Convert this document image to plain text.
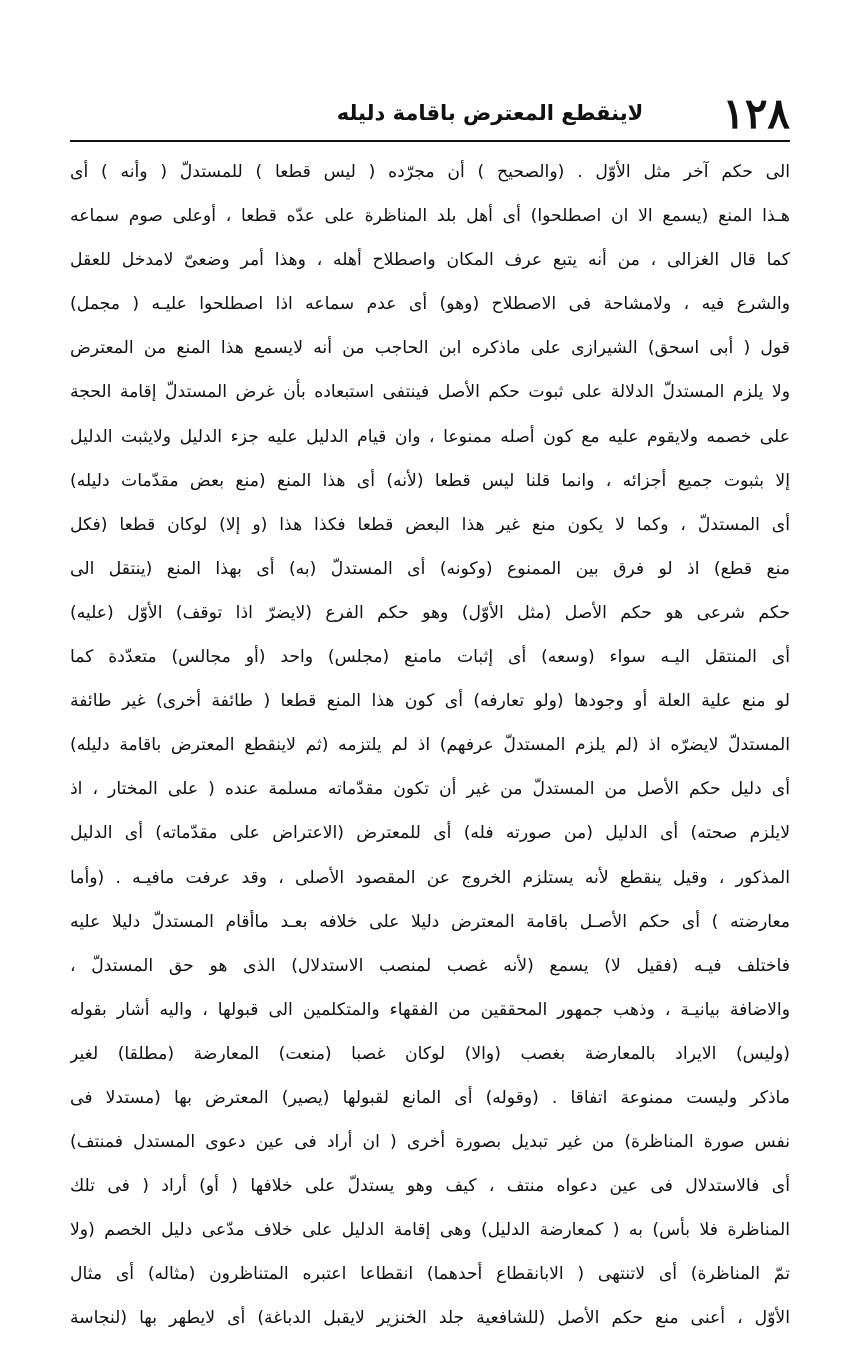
١٢٨
لاينقطع المعترض باقامة دليله
الى حكم آخر مثل الأوّل . (والصحيح ) أن مجرّده ( ليس قطعا ) للمستدلّ ( وأنه ) أى
هـذا المنع (يسمع الا ان اصطلحوا) أى أهل بلد المناظرة على عدّه قطعا ، أوعلى صوم سماعه
كما قال الغزالى ، من أنه يتبع عرف المكان واصطلاح أهله ، وهذا أمر وضعىّ لامدخل للعقل
والشرع فيه ، ولامشاحة فى الاصطلاح (وهو) أى عدم سماعه اذا اصطلحوا عليـه ( مجمل)
قول ( أبى اسحق) الشيرازى على ماذكره ابن الحاجب من أنه لايسمع هذا المنع من المعترض
ولا يلزم المستدلّ الدلالة على ثبوت حكم الأصل فينتفى استبعاده بأن غرض المستدلّ إقامة الحجة
على خصمه ولايقوم عليه مع كون أصله ممنوعا ، وان قيام الدليل عليه جزء الدليل ولايثبت الدليل
إلا بثبوت جميع أجزائه ، وانما قلنا ليس قطعا (لأنه) أى هذا المنع (منع بعض مقدّمات دليله)
أى المستدلّ ، وكما لا يكون منع غير هذا البعض قطعا فكذا هذا (و إلا) لوكان قطعا (فكل
منع قطع) اذ لو فرق بين الممنوع (وكونه) أى المستدلّ (به) أى بهذا المنع (ينتقل الى
حكم شرعى هو حكم الأصل (مثل الأوّل) وهو حكم الفرع (لايضرّ اذا توقف) الأوّل (عليه)
أى المنتقل اليـه سواء (وسعه) أى إثبات مامنع (مجلس) واحد (أو مجالس) متعدّدة كما
لو منع علية العلة أو وجودها (ولو تعارفه) أى كون هذا المنع قطعا ( طائفة أخرى) غير طائفة
المستدلّ لايضرّه اذ (لم يلزم المستدلّ عرفهم) اذ لم يلتزمه (ثم لاينقطع المعترض باقامة دليله)
أى دليل حكم الأصل من المستدلّ من غير أن تكون مقدّماته مسلمة عنده ( على المختار ، اذ
لايلزم صحته) أى الدليل (من صورته فله) أى للمعترض (الاعتراض على مقدّماته) أى الدليل
المذكور ، وقيل ينقطع لأنه يستلزم الخروج عن المقصود الأصلى ، وقد عرفت مافيـه . (وأما
معارضته ) أى حكم الأصـل باقامة المعترض دليلا على خلافه بعـد ماأقام المستدلّ دليلا عليه
فاختلف فيـه (فقيل لا) يسمع (لأنه غصب لمنصب الاستدلال) الذى هو حق المستدلّ ،
والاضافة بيانيـة ، وذهب جمهور المحققين من الفقهاء والمتكلمين الى قبولها ، واليه أشار بقوله
(وليس) الايراد بالمعارضة بغصب (والا) لوكان غصبا (منعت) المعارضة (مطلقا) لغير
ماذكر وليست ممنوعة اتفاقا . (وقوله) أى المانع لقبولها (يصير) المعترض بها (مستدلا فى
نفس صورة المناظرة) من غير تبديل بصورة أخرى ( ان أراد فى عين دعوى المستدل فمنتف)
أى فالاستدلال فى عين دعواه منتف ، كيف وهو يستدلّ على خلافها ( أو) أراد ( فى تلك
المناظرة فلا بأس) به ( كمعارضة الدليل) وهى إقامة الدليل على خلاف مدّعى دليل الخصم (ولا
تمّ المناظرة) أى لاتنتهى ( الابانقطاع أحدهما) انقطاعا اعتبره المتناظرون (مثاله) أى مثال
الأوّل ، أعنى منع حكم الأصل (للشافعية جلد الخنزير لايقبل الدباغة) أى لايطهر بها (لنجاسة
